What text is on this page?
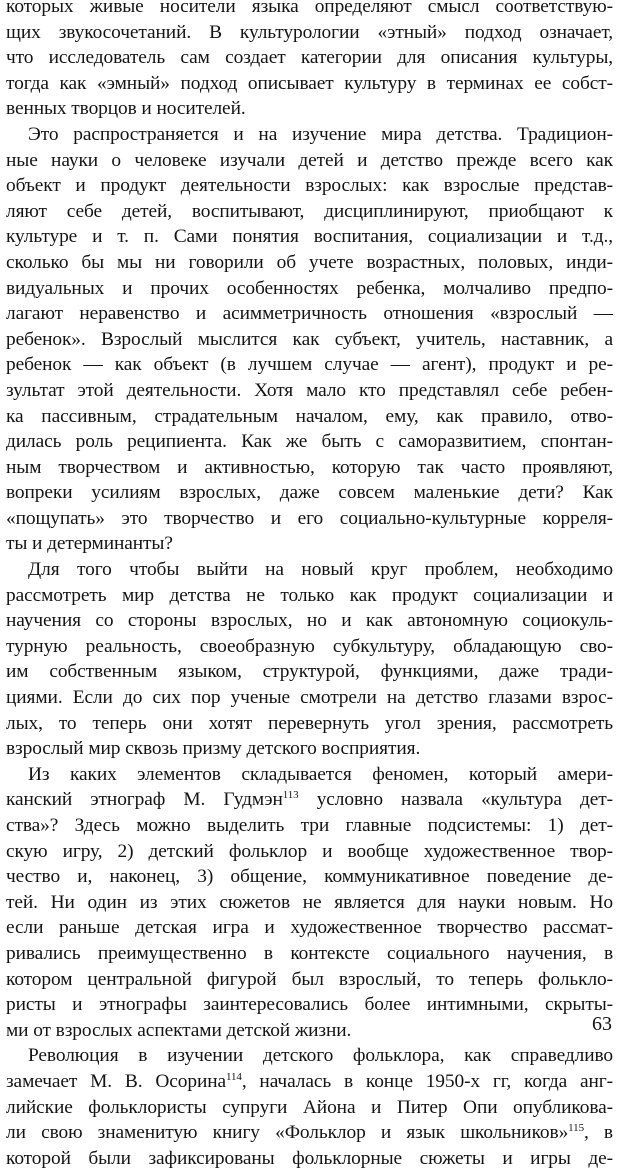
которых живые носители языка определяют смысл соответствую-
щих звукосочетаний. В культурологии «этный» подход означает,
что исследователь сам создает категории для описания культуры,
тогда как «эмный» подход описывает культуру в терминах ее собст-
венных творцов и носителей.
Это распространяется и на изучение мира детства. Традицион-
ные науки о человеке изучали детей и детство прежде всего как
объект и продукт деятельности взрослых: как взрослые представ-
ляют себе детей, воспитывают, дисциплинируют, приобщают к
культуре и т. п. Сами понятия воспитания, социализации и т.д.,
сколько бы мы ни говорили об учете возрастных, половых, инди-
видуальных и прочих особенностях ребенка, молчаливо предпо-
лагают неравенство и асимметричность отношения «взрослый —
ребенок». Взрослый мыслится как субъект, учитель, наставник, а
ребенок — как объект (в лучшем случае — агент), продукт и ре-
зультат этой деятельности. Хотя мало кто представлял себе ребен-
ка пассивным, страдательным началом, ему, как правило, отво-
дилась роль реципиента. Как же быть с саморазвитием, спонтан-
ным творчеством и активностью, которую так часто проявляют,
вопреки усилиям взрослых, даже совсем маленькие дети? Как
«пощупать» это творчество и его социально-культурные корреля-
ты и детерминанты?
Для того чтобы выйти на новый круг проблем, необходимо
рассмотреть мир детства не только как продукт социализации и
научения со стороны взрослых, но и как автономную социокуль-
турную реальность, своеобразную субкультуру, обладающую сво-
им собственным языком, структурой, функциями, даже тради-
циями. Если до сих пор ученые смотрели на детство глазами взрос-
лых, то теперь они хотят перевернуть угол зрения, рассмотреть
взрослый мир сквозь призму детского восприятия.
Из каких элементов складывается феномен, который амери-
канский этнограф М. Гудмэн$^{113}$ условно назвала «культура дет-
ства»? Здесь можно выделить три главные подсистемы: 1) дет-
скую игру, 2) детский фольклор и вообще художественное твор-
чество и, наконец, 3) общение, коммуникативное поведение де-
тей. Ни один из этих сюжетов не является для науки новым. Но
если раньше детская игра и художественное творчество рассмат-
ривались преимущественно в контексте социального научения, в
котором центральной фигурой был взрослый, то теперь фольклo-
ристы и этнографы заинтересовались более интимными, скрыты-
ми от взрослых аспектами детской жизни.
Революция в изучении детского фольклора, как справедливо
замечает М. В. Осорина$^{114}$, началась в конце 1950-х гг, когда анг-
лийские фольклористы супруги Айона и Питер Опи опубликова-
ли свою знаменитую книгу «Фольклор и язык школьников»$^{115}$, в
которой были зафиксированы фольклорные сюжеты и игры де-
63
